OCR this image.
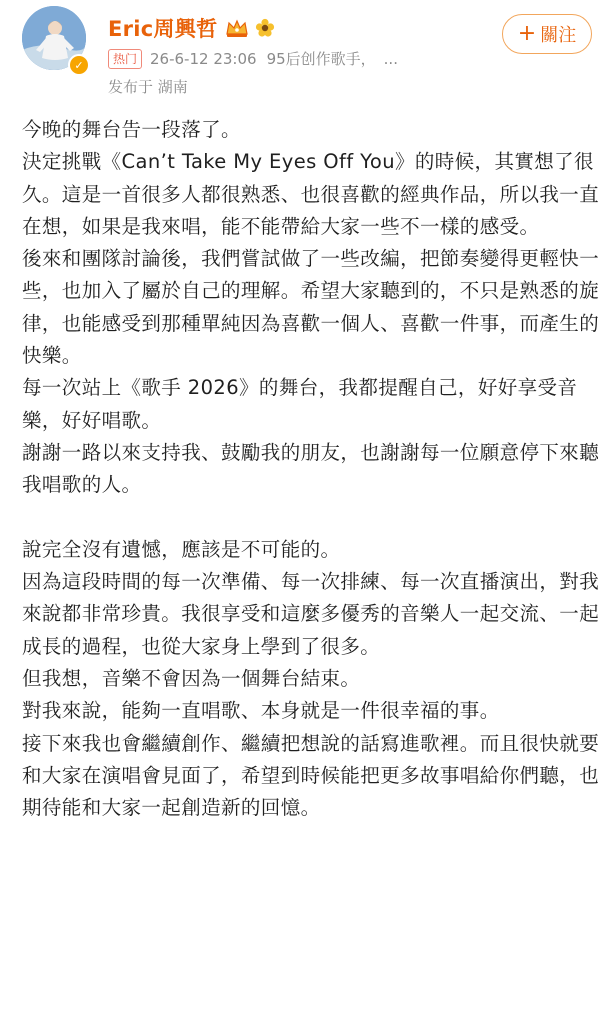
✓
Eric周興哲
热门 26-6-12 23:06 95后创作歌手， ...
发布于 湖南
+ 關注

今晚的舞台告一段落了。

決定挑戰《Can’t Take My Eyes Off You》的時候，其實想了很久。這是一首很多人都很熟悉、也很喜歡的經典作品，所以我一直在想，如果是我來唱，能不能帶給大家一些不一樣的感受。

後來和團隊討論後，我們嘗試做了一些改編，把節奏變得更輕快一些，也加入了屬於自己的理解。希望大家聽到的，不只是熟悉的旋律，也能感受到那種單純因為喜歡一個人、喜歡一件事，而產生的快樂。

每一次站上《歌手 2026》的舞台，我都提醒自己，好好享受音樂，好好唱歌。

謝謝一路以來支持我、鼓勵我的朋友，也謝謝每一位願意停下來聽我唱歌的人。

說完全沒有遺憾，應該是不可能的。

因為這段時間的每一次準備、每一次排練、每一次直播演出，對我來說都非常珍貴。我很享受和這麼多優秀的音樂人一起交流、一起成長的過程，也從大家身上學到了很多。

但我想，音樂不會因為一個舞台結束。

對我來說，能夠一直唱歌、本身就是一件很幸福的事。

接下來我也會繼續創作、繼續把想說的話寫進歌裡。而且很快就要和大家在演唱會見面了，希望到時候能把更多故事唱給你們聽，也期待能和大家一起創造新的回憶。
